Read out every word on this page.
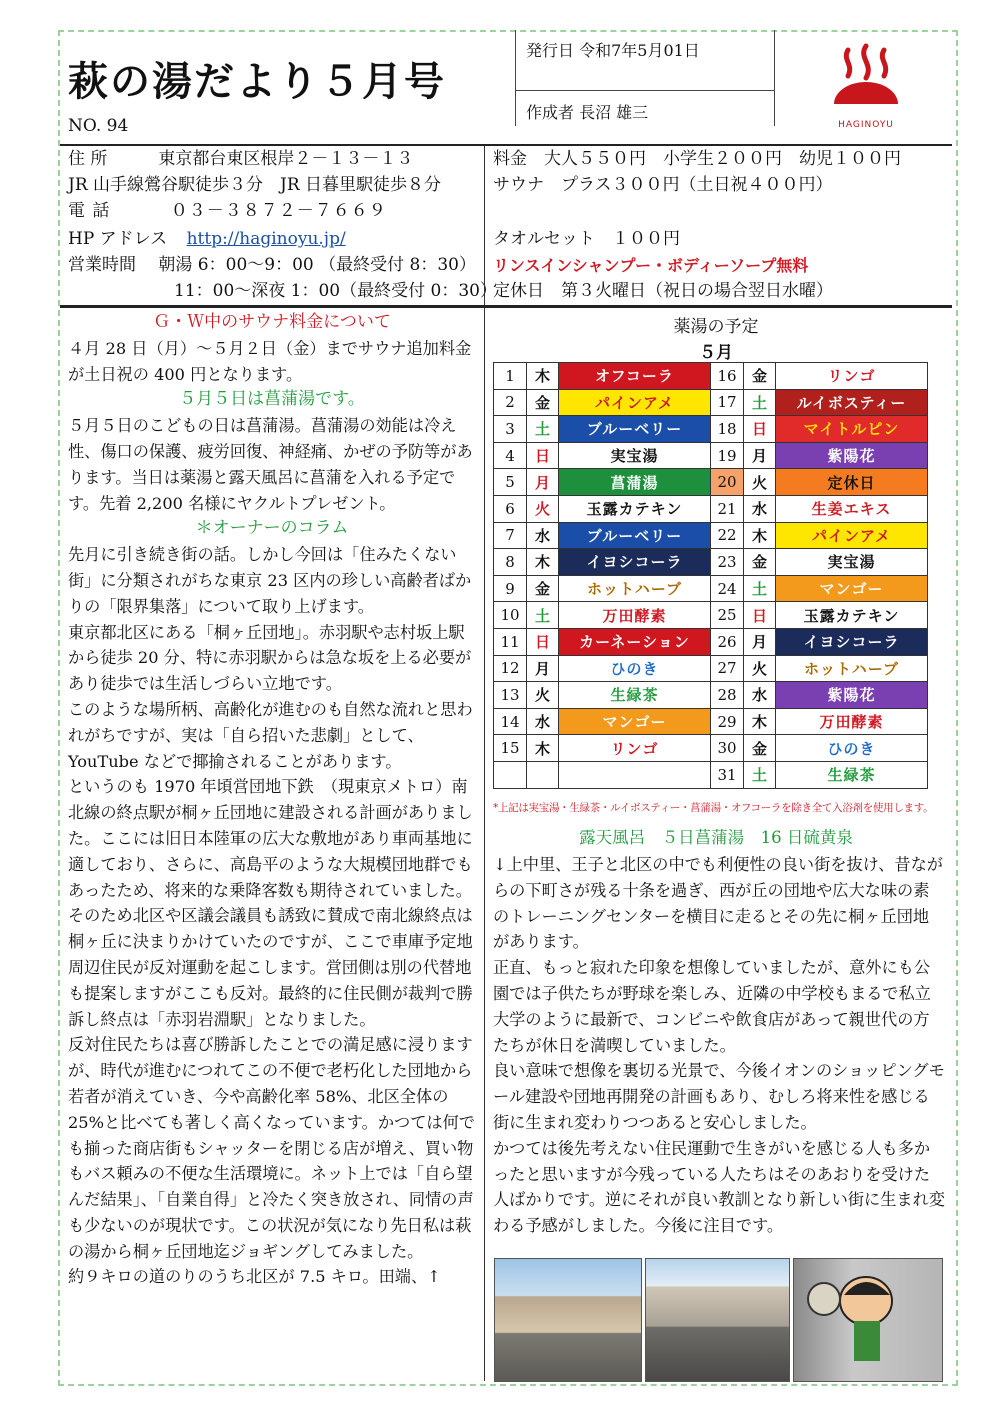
萩の湯だより５月号
NO. 94
発行日 令和7年5月01日
作成者 長沼 雄三
HAGINOYU
住 所　　　東京都台東区根岸２－１３－１３
JR 山手線鶯谷駅徒歩３分　JR 日暮里駅徒歩８分
電 話　　　 ０３－３８７２－７６６９
HP アドレス http://haginoyu.jp/
営業時間　 朝湯 6：00～9：00 （最終受付 8：30）
11：00～深夜 1：00（最終受付 0：30）
料金　大人５５０円　小学生２００円　幼児１００円
サウナ　プラス３００円（土日祝４００円）
タオルセット　１００円
リンスインシャンプー・ボディーソープ無料
定休日　第３火曜日（祝日の場合翌日水曜）

Ｇ・Ｗ中のサウナ料金について

４月 28 日（月）～５月２日（金）までサウナ追加料金が土日祝の 400 円となります。

５月５日は菖蒲湯です。

５月５日のこどもの日は菖蒲湯。菖蒲湯の効能は冷え性、傷口の保護、疲労回復、神経痛、かぜの予防等があります。当日は薬湯と露天風呂に菖蒲を入れる予定です。先着 2,200 名様にヤクルトプレゼント。

＊オーナーのコラム

先月に引き続き街の話。しかし今回は「住みたくない街」に分類されがちな東京 23 区内の珍しい高齢者ばかりの「限界集落」について取り上げます。

東京都北区にある「桐ヶ丘団地」。赤羽駅や志村坂上駅から徒歩 20 分、特に赤羽駅からは急な坂を上る必要があり徒歩では生活しづらい立地です。

このような場所柄、高齢化が進むのも自然な流れと思われがちですが、実は「自ら招いた悲劇」として、YouTube などで揶揄されることがあります。

というのも 1970 年頃営団地下鉄　（現東京メトロ）南北線の終点駅が桐ヶ丘団地に建設される計画がありました。ここには旧日本陸軍の広大な敷地があり車両基地に適しており、さらに、高島平のような大規模団地群でもあったため、将来的な乗降客数も期待されていました。そのため北区や区議会議員も誘致に賛成で南北線終点は桐ヶ丘に決まりかけていたのですが、ここで車庫予定地周辺住民が反対運動を起こします。営団側は別の代替地も提案しますがここも反対。最終的に住民側が裁判で勝訴し終点は「赤羽岩淵駅」となりました。

反対住民たちは喜び勝訴したことでの満足感に浸りますが、時代が進むにつれてこの不便で老朽化した団地から若者が消えていき、今や高齢化率 58%、北区全体の 25%と比べても著しく高くなっています。かつては何でも揃った商店街もシャッターを閉じる店が増え、買い物もバス頼みの不便な生活環境に。ネット上では「自ら望んだ結果」、「自業自得」と冷たく突き放され、同情の声も少ないのが現状です。この状況が気になり先日私は萩の湯から桐ヶ丘団地迄ジョギングしてみました。

約９キロの道のりのうち北区が 7.5 キロ。田端、↑

薬湯の予定
５月
1	木	オフコーラ	16	金	リンゴ
2	金	パインアメ	17	土	ルイボスティー
3	土	ブルーベリー	18	日	マイトルピン
4	日	実宝湯	19	月	紫陽花
5	月	菖蒲湯	20	火	定休日
6	火	玉露カテキン	21	水	生姜エキス
7	水	ブルーベリー	22	木	パインアメ
8	木	イヨシコーラ	23	金	実宝湯
9	金	ホットハーブ	24	土	マンゴー
10	土	万田酵素	25	日	玉露カテキン
11	日	カーネーション	26	月	イヨシコーラ
12	月	ひのき	27	火	ホットハーブ
13	火	生緑茶	28	水	紫陽花
14	水	マンゴー	29	木	万田酵素
15	木	リンゴ	30	金	ひのき
			31	土	生緑茶
*上記は実宝湯・生緑茶・ルイボスティー・菖蒲湯・オフコーラを除き全て入浴剤を使用します。
露天風呂　５日菖蒲湯　16 日硫黄泉

↓上中里、王子と北区の中でも利便性の良い街を抜け、昔ながらの下町さが残る十条を過ぎ、西が丘の団地や広大な味の素のトレーニングセンターを横目に走るとその先に桐ヶ丘団地があります。

正直、もっと寂れた印象を想像していましたが、意外にも公園では子供たちが野球を楽しみ、近隣の中学校もまるで私立大学のように最新で、コンビニや飲食店があって親世代の方たちが休日を満喫していました。

良い意味で想像を裏切る光景で、今後イオンのショッピングモール建設や団地再開発の計画もあり、むしろ将来性を感じる街に生まれ変わりつつあると安心しました。

かつては後先考えない住民運動で生きがいを感じる人も多かったと思いますが今残っている人たちはそのあおりを受けた人ばかりです。逆にそれが良い教訓となり新しい街に生まれ変わる予感がしました。今後に注目です。
